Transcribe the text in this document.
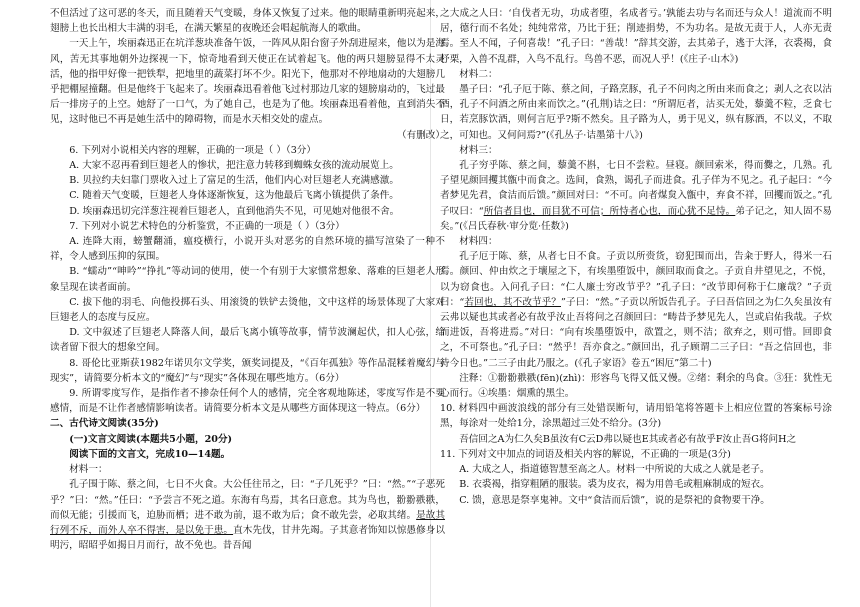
不但活过了这可恶的冬天，而且随着天气变暖，身体又恢复了过来。他的眼睛重新明亮起来，翅膀上也长出相大丰满的羽毛，在满天繁星的夜晚还会唱起航海人的歌曲。

一天上午，埃丽森迅正在坑洋葱块准备午饭，一阵风从阳台窗子外刮进屋来，他以为是海风，苦无其事地朝外边探视一下，惊奇地看到天使正在试着起飞。他的两只翅膀显得不太灵活，他的指甲好像一把铁犁，把地里的蔬菜打坏不少。阳光下，他那对不停地扇动的大翅膀几乎把棚屋撞翻。但是他终于飞起来了。埃丽森迅看着他飞过村那边几家的翅膀扇动的，飞过最后一排房子的上空。她舒了一口气，为了她自己，也是为了他。埃丽森迅看着他，直到消失不见，这时他已不再是她生活中的障碍物，而是水天相交处的虚点。

（有删改）

6. 下列对小说相关内容的理解，正确的一项是（ ）（3分）

A. 大家不忍再看到巨翅老人的惨状，把注意力转移到蜘蛛女孩的流动展览上。

B. 贝拉约夫妇靠门票收入过上了富足的生活，他们内心对巨翅老人充满感激。

C. 随着天气变暖，巨翅老人身体逐渐恢复，这为他最后飞离小镇提供了条件。

D. 埃丽森迅切完洋葱注视着巨翅老人，直到他消失不见，可见她对他很不舍。

7. 下列对小说艺术特色的分析鉴赏，不正确的一项是（ ）（3分）

A. 连降大雨，螃蟹翻涌，瘟疫横行，小说开头对恶劣的自然环境的描写渲染了一种不祥，令人感到压抑的氛围。

B. “蠕动”“呻吟”“挣扎”等动词的使用，使一个有别于大家惯常想象、落难的巨翅老人形象呈现在读者面前。

C. 拔下他的羽毛、向他投掷石头、用滚烫的铁铲去烫他，文中这样的场景体现了大家对巨翅老人的态度与反应。

D. 文中叙述了巨翅老人降落人间，最后飞离小镇等故事，情节波澜起伏，扣人心弦，给读者留下很大的想象空间。

8. 哥伦比亚斯获1982年诺贝尔文学奖，颁奖词提及，“《百年孤独》等作品混糅着魔幻与现实”，请简要分析本文的“魔幻”与“现实”各体现在哪些地方。（6分）

9. 所谓零度写作，是指作者不掺杂任何个人的感情，完全客观地陈述，零度写作是不要感情，而是不让作者感情影响读者。请简要分析本文是从哪些方面体现这一特点。（6分）

二、古代诗文阅读(35分)

(一)文言文阅读(本题共5小题，20分)

阅读下面的文言文，完成10—14题。

材料一：

孔子围于陈、蔡之间，七日不火食。大公任往吊之，曰：“子几死乎？”曰：“然。”“子恶死乎？”曰：“然。”任曰：“予尝言不死之道。东海有鸟焉，其名曰意怠。其为鸟也，翂翂翐翐，而似无能；引援而飞，迫胁而栖；进不敢为前，退不敢为后；食不敢先尝，必取其绪。是故其行列不斥，而外人卒不得害，是以免于患。直木先伐，甘井先竭。子其意者饰知以惊愚修身以明污，昭昭乎如揭日月而行，故不免也。昔吾闻

之大成之人曰：‘自伐者无功，功成者堕，名成者亏。’孰能去功与名而还与众人！道流而不明居，德行而不名处；纯纯常常，乃比于狂；削迹捐势，不为功名。是故无责于人，人亦无责焉。至人不闻，子何喜哉！”孔子曰：“善哉！”辞其交游，去其弟子，逃于大泽，衣裘褐，食杼栗，入兽不乱群，入鸟不乱行。鸟兽不恶，而况人乎！(《庄子·山木》)

材料二：

墨子曰：“孔子厄于陈、蔡之间，子路烹豚，孔子不问肉之所由来而食之；剥人之衣以沽酒，孔子不问酒之所由来而饮之。”(孔荆)诘之曰：“所谓厄者，沽买无处，藜羹不粒，乏食七日，若烹豚饮酒，则何言厄乎?斯不然矣。且子路为人，勇于见义，纵有豚酒，不以义，不取之，可知也。又何问焉?”(《孔丛子·诘墨第十八》)

材料三：

孔子穷乎陈、蔡之间，藜羹不斟，七日不尝粒。昼寝。颜回索米，得而爨之，几熟。孔子望见颜回攫其甑中而食之。选间，食熟，谒孔子而进食。孔子佯为不见之。孔子起曰：“今者梦见先君，食洁而后馈。”颜回对曰：“不可。向者煤炱入甑中，弃食不祥，回攫而饭之。”孔子叹曰：“所信者目也，而目犹不可信；所恃者心也，而心犹不足恃。弟子记之，知人固不易矣。”(《吕氏春秋·审分览·任数》)

材料四：

孔子厄于陈、蔡，从者七日不食。子贡以所赍货，窃犯围而出，告籴于野人，得米一石焉。颜回、仲由炊之于壤屋之下，有埃墨堕饭中，颜回取而食之。子贡自井望见之，不悦，以为窃食也。入问孔子曰：“仁人廉士穷改节乎？”孔子曰：“改节即何称于仁廉哉？”子贡曰：“若回也，其不改节乎？”子曰：“然。”子贡以所饭告孔子。子曰吾信回之为仁久矣虽汝有云弗以疑也其或者必有故乎汝止吾将问之召颜回曰：“畴昔予梦见先人，岂或启佑我哉。子炊而进饭，吾将进焉。”对曰：“向有埃墨堕饭中，欲置之，则不洁；欲弃之，则可惜。回即食之，不可祭也。”孔子曰：“然乎！吾亦食之。”颜回出，孔子顾谓二三子曰：“吾之信回也，非待今日也。”二三子由此乃服之。(《孔子家语》卷五“困厄”第二十)

注释：①翂翂翐翐(fēn)(zhì)：形容鸟飞得又低又慢。②绪：剩余的鸟食。③狂：犹性无心而行。④埃墨：烟熏的黑尘。

10. 材料四中画波浪线的部分有三处错误断句，请用铅笔将答题卡上相应位置的答案标号涂黑，每涂对一处给1分，涂黑超过三处不给分。(3分)

吾信回之A为仁久矣B虽汝有C云D弗以疑也E其或者必有故乎F汝止吾G将问H之

11. 下列对文中加点的词语及相关内容的解说，不正确的一项是(3分)

A. 大成之人，指道德智慧至高之人。材料一中所说的大成之人就是老子。

B. 衣裘褐，指穿粗陋的服装。裘为皮衣，褐为用兽毛或粗麻制成的短衣。

C. 馈，意思是祭享鬼神。文中“食洁而后馈”，说的是祭祀的食物要干净。
